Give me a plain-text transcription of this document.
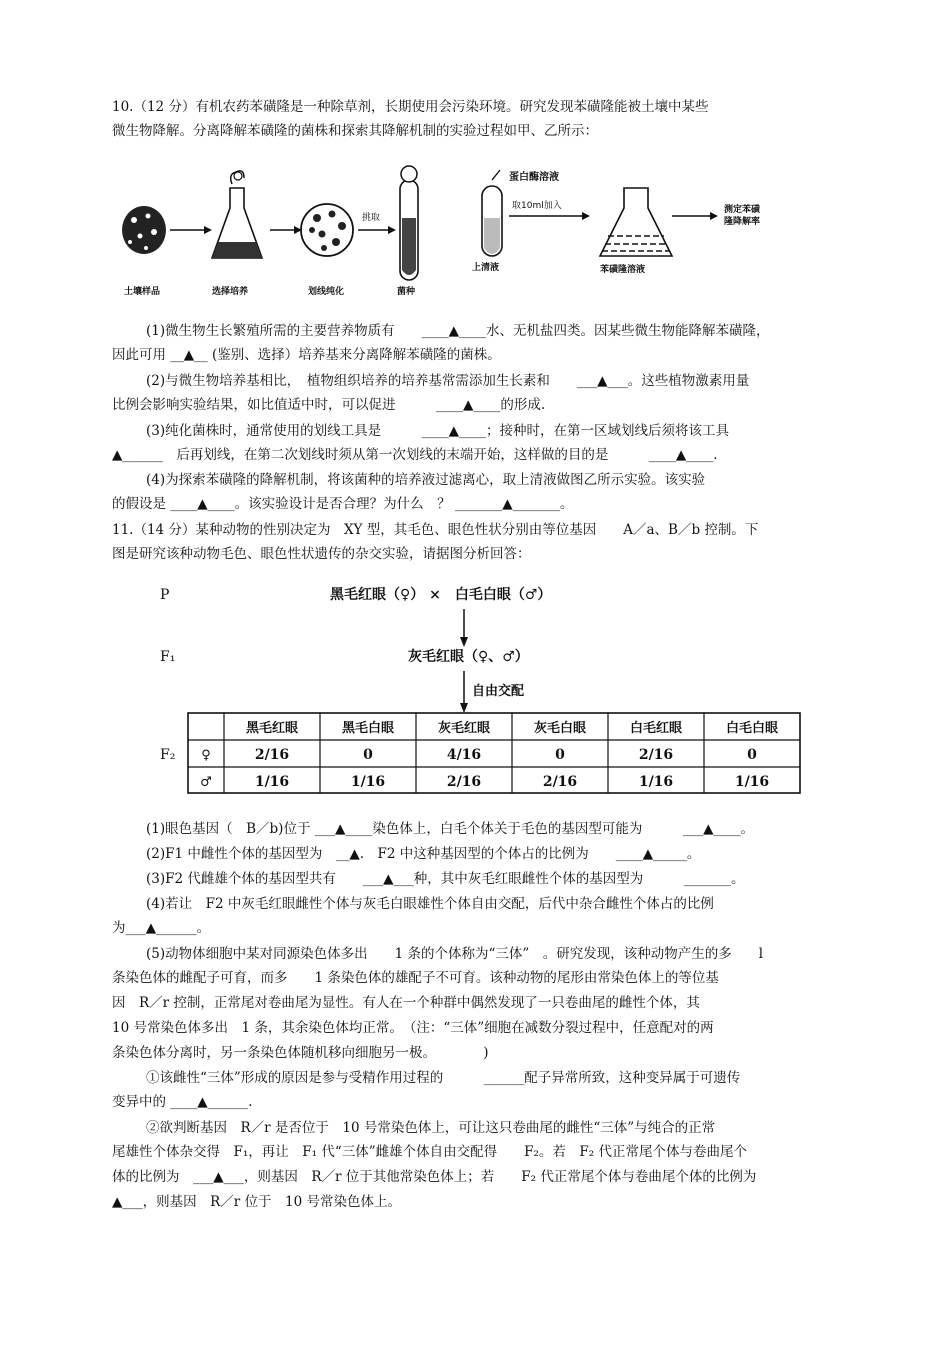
10.（12 分）有机农药苯磺隆是一种除草剂，长期使用会污染环境。研究发现苯磺隆能被土壤中某些
微生物降解。分离降解苯磺隆的菌株和探索其降解机制的实验过程如甲、乙所示：
挑取
蛋白酶溶液
取10ml加入	测定苯磺
隆降解率
土壤样品	选择培养	划线纯化	菌种
上清液	苯磺隆溶液
(1)微生物生长繁殖所需的主要营养物质有　　____▲____水、无机盐四类。因某些微生物能降解苯磺隆，
因此可用 __▲__ (鉴别、选择）培养基来分离降解苯磺隆的菌株。
(2)与微生物培养基相比，　植物组织培养的培养基常需添加生长素和　　___▲___。这些植物激素用量
比例会影响实验结果，如比值适中时，可以促进　　　____▲____的形成.
(3)纯化菌株时，通常使用的划线工具是　　　____▲____；接种时，在第一区域划线后须将该工具
▲______　后再划线，在第二次划线时须从第一次划线的末端开始，这样做的目的是　　　____▲____.
(4)为探索苯磺隆的降解机制，将该菌种的培养液过滤离心，取上清液做图乙所示实验。该实验
的假设是 ____▲____。该实验设计是否合理？为什么　？ _______▲_______。
11.（14 分）某种动物的性别决定为　XY 型，其毛色、眼色性状分别由等位基因　　A／a、B／b 控制。下
图是研究该种动物毛色、眼色性状遗传的杂交实验，请据图分析回答：
P	黑毛红眼（♀） ×　白毛白眼（♂）
F₁	灰毛红眼（♀、♂）
自由交配
F₂
黑毛红眼	黑毛白眼	灰毛红眼	灰毛白眼	白毛红眼	白毛白眼
♀	2/16	0	4/16	0	2/16	0
♂	1/16	1/16	2/16	2/16	1/16	1/16
(1)眼色基因（　B／b)位于 ___▲____染色体上，白毛个体关于毛色的基因型可能为　　　___▲____。
(2)F1 中雌性个体的基因型为　__▲.　F2 中这种基因型的个体占的比例为　　____▲_____。
(3)F2 代雌雄个体的基因型共有　　___▲___种，其中灰毛红眼雌性个体的基因型为　　　_______。
(4)若让　F2 中灰毛红眼雌性个体与灰毛白眼雄性个体自由交配，后代中杂合雌性个体占的比例
为___▲______。
(5)动物体细胞中某对同源染色体多出　　1 条的个体称为“三体”　。研究发现，该种动物产生的多　　l
条染色体的雌配子可育，而多　　1 条染色体的雄配子不可育。该种动物的尾形由常染色体上的等位基
因　R／r 控制，正常尾对卷曲尾为显性。有人在一个种群中偶然发现了一只卷曲尾的雌性个体，其
10 号常染色体多出　1 条，其余染色体均正常。　（注：“三体”细胞在减数分裂过程中，任意配对的两
条染色体分离时，另一条染色体随机移向细胞另一极。　　　　)
①该雌性“三体”形成的原因是参与受精作用过程的　　　______配子异常所致，这种变异属于可遗传
变异中的 ____▲______.
②欲判断基因　R／r 是否位于　10 号常染色体上，可让这只卷曲尾的雌性“三体”与纯合的正常
尾雄性个体杂交得　F₁，再让　F₁ 代“三体”雌雄个体自由交配得　　F₂。若　F₂ 代正常尾个体与卷曲尾个
体的比例为　___▲___，则基因　R／r 位于其他常染色体上；若　　F₂ 代正常尾个体与卷曲尾个体的比例为
▲___，则基因　R／r 位于　10 号常染色体上。
